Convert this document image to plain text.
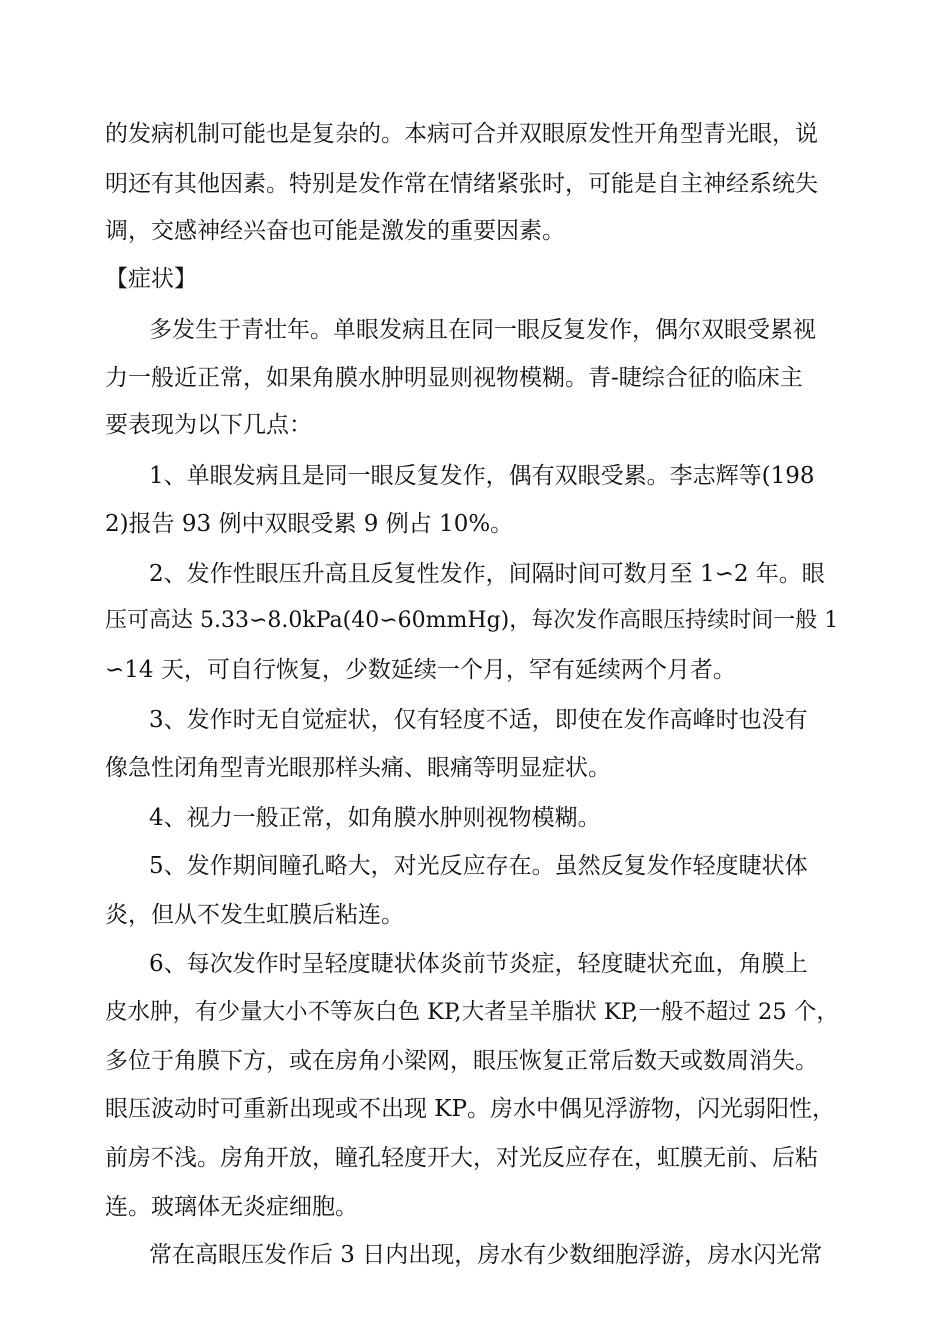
的发病机制可能也是复杂的。本病可合并双眼原发性开角型青光眼，说
明还有其他因素。特别是发作常在情绪紧张时，可能是自主神经系统失
调，交感神经兴奋也可能是激发的重要因素。
【症状】
多发生于青壮年。单眼发病且在同一眼反复发作，偶尔双眼受累视
力一般近正常，如果角膜水肿明显则视物模糊。青-睫综合征的临床主
要表现为以下几点：
1、单眼发病且是同一眼反复发作，偶有双眼受累。李志辉等(198
2)报告 93 例中双眼受累 9 例占 10%。
2、发作性眼压升高且反复性发作，间隔时间可数月至 1∽2 年。眼
压可高达 5.33∽8.0kPa(40∽60mmHg)，每次发作高眼压持续时间一般 1
∽14 天，可自行恢复，少数延续一个月，罕有延续两个月者。
3、发作时无自觉症状，仅有轻度不适，即使在发作高峰时也没有
像急性闭角型青光眼那样头痛、眼痛等明显症状。
4、视力一般正常，如角膜水肿则视物模糊。
5、发作期间瞳孔略大，对光反应存在。虽然反复发作轻度睫状体
炎，但从不发生虹膜后粘连。
6、每次发作时呈轻度睫状体炎前节炎症，轻度睫状充血，角膜上
皮水肿，有少量大小不等灰白色 KP,大者呈羊脂状 KP,一般不超过 25 个，
多位于角膜下方，或在房角小梁网，眼压恢复正常后数天或数周消失。
眼压波动时可重新出现或不出现 KP。房水中偶见浮游物，闪光弱阳性，
前房不浅。房角开放，瞳孔轻度开大，对光反应存在，虹膜无前、后粘
连。玻璃体无炎症细胞。
常在高眼压发作后 3 日内出现，房水有少数细胞浮游，房水闪光常
